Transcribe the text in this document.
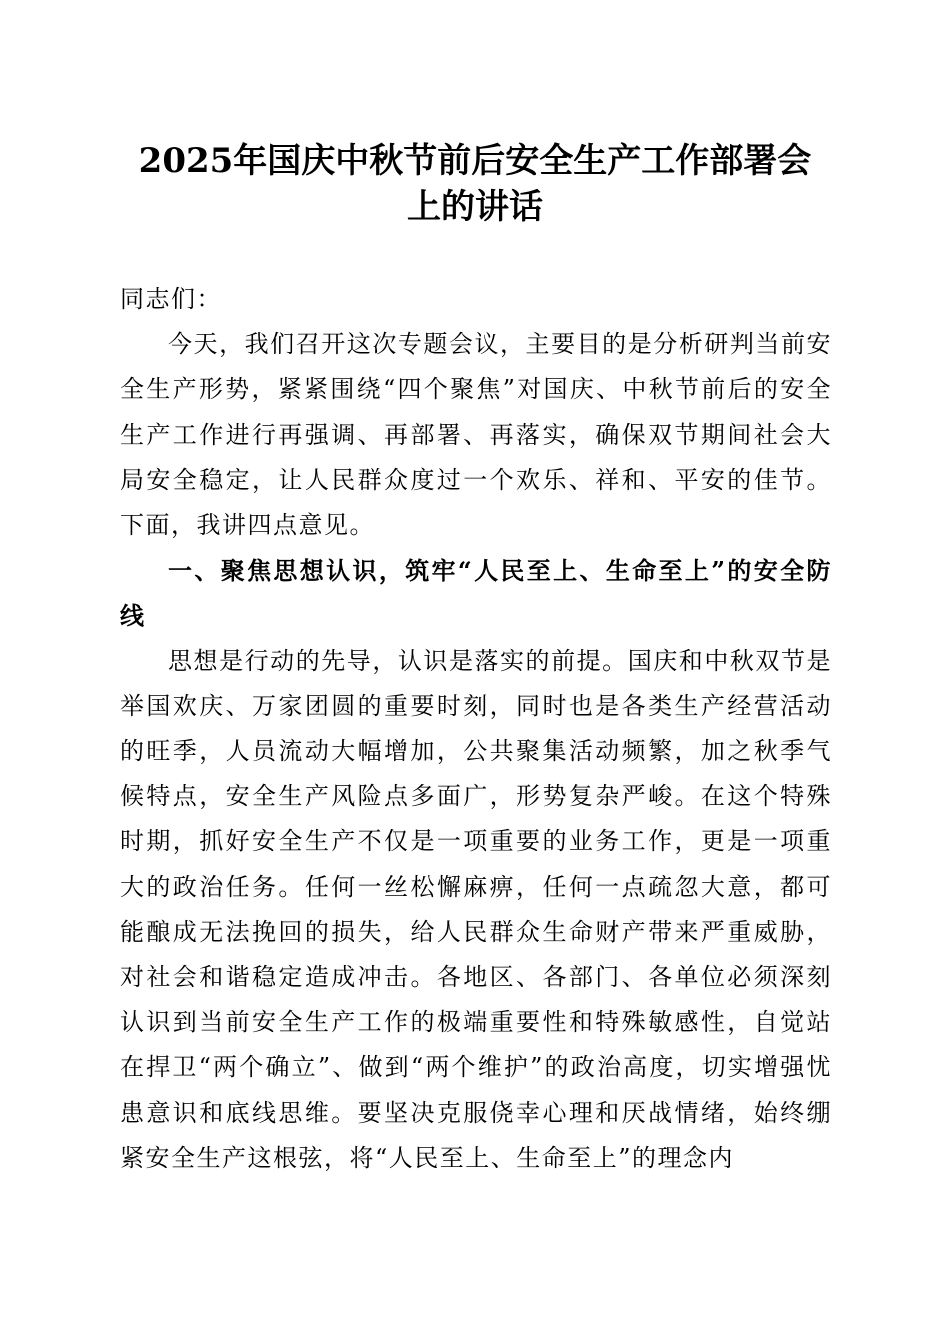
2025年国庆中秋节前后安全生产工作部署会
上的讲话

同志们：

今天，我们召开这次专题会议，主要目的是分析研判当前安全生产形势，紧紧围绕“四个聚焦”对国庆、中秋节前后的安全生产工作进行再强调、再部署、再落实，确保双节期间社会大局安全稳定，让人民群众度过一个欢乐、祥和、平安的佳节。下面，我讲四点意见。

一、聚焦思想认识，筑牢“人民至上、生命至上”的安全防线

思想是行动的先导，认识是落实的前提。国庆和中秋双节是举国欢庆、万家团圆的重要时刻，同时也是各类生产经营活动的旺季，人员流动大幅增加，公共聚集活动频繁，加之秋季气候特点，安全生产风险点多面广，形势复杂严峻。在这个特殊时期，抓好安全生产不仅是一项重要的业务工作，更是一项重大的政治任务。任何一丝松懈麻痹，任何一点疏忽大意，都可能酿成无法挽回的损失，给人民群众生命财产带来严重威胁，对社会和谐稳定造成冲击。各地区、各部门、各单位必须深刻认识到当前安全生产工作的极端重要性和特殊敏感性，自觉站在捍卫“两个确立”、做到“两个维护”的政治高度，切实增强忧患意识和底线思维。要坚决克服侥幸心理和厌战情绪，始终绷紧安全生产这根弦，将“人民至上、生命至上”的理念内
